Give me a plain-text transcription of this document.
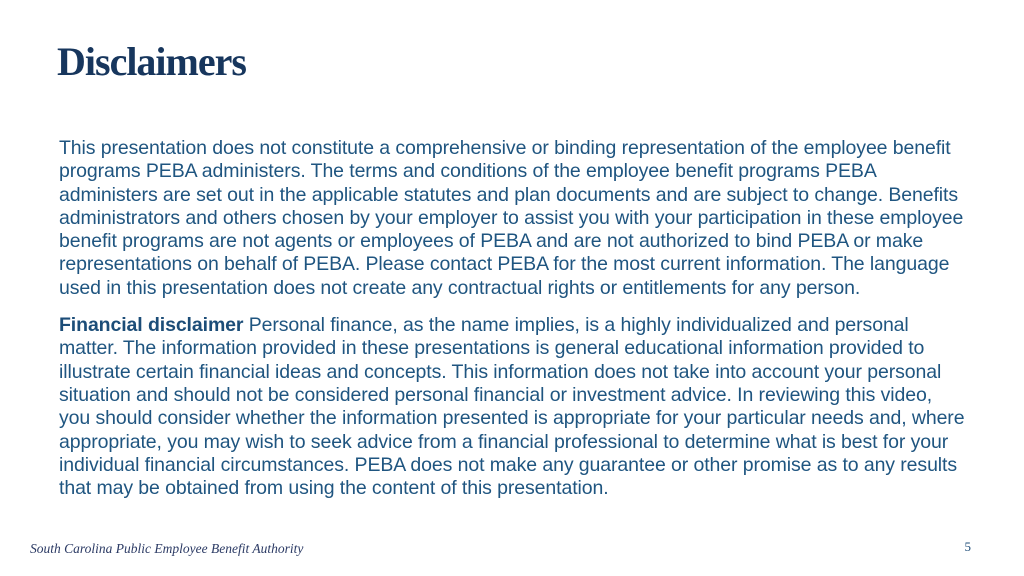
Disclaimers

This presentation does not constitute a comprehensive or binding representation of the employee benefit programs PEBA administers. The terms and conditions of the employee benefit programs PEBA administers are set out in the applicable statutes and plan documents and are subject to change. Benefits administrators and others chosen by your employer to assist you with your participation in these employee benefit programs are not agents or employees of PEBA and are not authorized to bind PEBA or make representations on behalf of PEBA. Please contact PEBA for the most current information. The language used in this presentation does not create any contractual rights or entitlements for any person.

Financial disclaimer Personal finance, as the name implies, is a highly individualized and personal matter. The information provided in these presentations is general educational information provided to illustrate certain financial ideas and concepts. This information does not take into account your personal situation and should not be considered personal financial or investment advice. In reviewing this video, you should consider whether the information presented is appropriate for your particular needs and, where appropriate, you may wish to seek advice from a financial professional to determine what is best for your individual financial circumstances. PEBA does not make any guarantee or other promise as to any results that may be obtained from using the content of this presentation.

South Carolina Public Employee Benefit Authority	5
